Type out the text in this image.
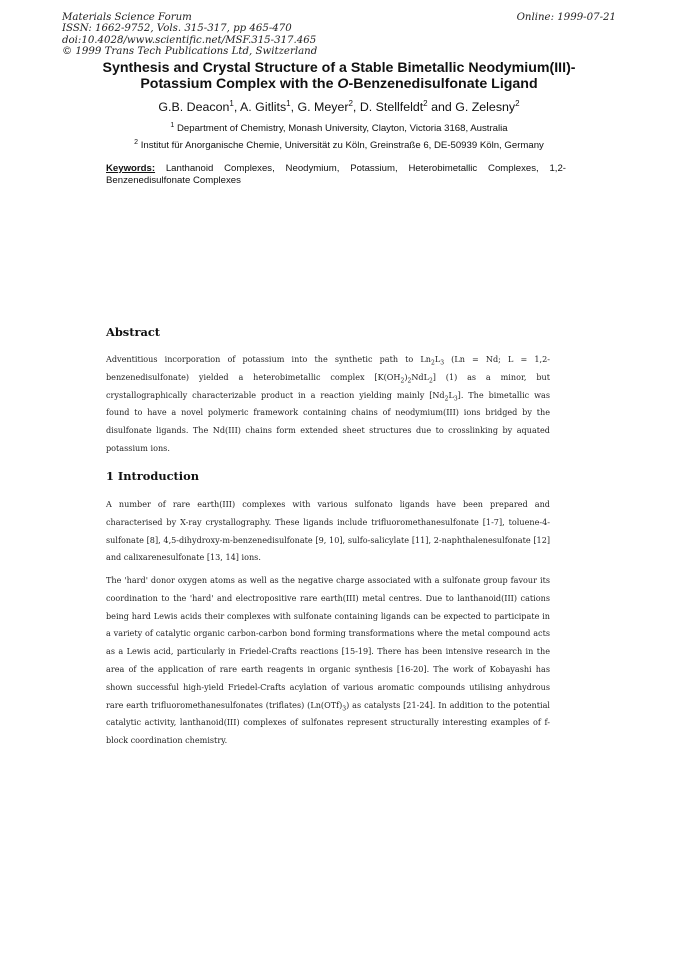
Materials Science Forum
ISSN: 1662-9752, Vols. 315-317, pp 465-470
doi:10.4028/www.scientific.net/MSF.315-317.465
© 1999 Trans Tech Publications Ltd, Switzerland
Online: 1999-07-21
Synthesis and Crystal Structure of a Stable Bimetallic Neodymium(III)-
Potassium Complex with the O-Benzenedisulfonate Ligand
G.B. Deacon$^1$, A. Gitlits$^1$, G. Meyer$^2$, D. Stellfeldt$^2$ and G. Zelesny$^2$
$^1$ Department of Chemistry, Monash University, Clayton, Victoria 3168, Australia
$^2$ Institut für Anorganische Chemie, Universität zu Köln, Greinstraße 6, DE-50939 Köln, Germany
Keywords: Lanthanoid Complexes, Neodymium, Potassium, Heterobimetallic Complexes, 1,2-Benzenedisulfonate Complexes
Abstract
Adventitious incorporation of potassium into the synthetic path to $Ln_2L_3$ (Ln = Nd; L = 1,2-benzenedisulfonate) yielded a heterobimetallic complex $[K(OH_2)_2NdL_2]$ (1) as a minor, but crystallographically characterizable product in a reaction yielding mainly $[Nd_2L_3]$. The bimetallic was found to have a novel polymeric framework containing chains of neodymium(III) ions bridged by the disulfonate ligands. The Nd(III) chains form extended sheet structures due to crosslinking by aquated potassium ions.
1 Introduction
A number of rare earth(III) complexes with various sulfonato ligands have been prepared and characterised by X-ray crystallography. These ligands include trifluoromethanesulfonate [1-7], toluene-4-sulfonate [8], 4,5-dihydroxy-m-benzenedisulfonate [9, 10], sulfo-salicylate [11], 2-naphthalenesulfonate [12] and calixarenesulfonate [13, 14] ions.
The 'hard' donor oxygen atoms as well as the negative charge associated with a sulfonate group favour its coordination to the 'hard' and electropositive rare earth(III) metal centres. Due to lanthanoid(III) cations being hard Lewis acids their complexes with sulfonate containing ligands can be expected to participate in a variety of catalytic organic carbon-carbon bond forming transformations where the metal compound acts as a Lewis acid, particularly in Friedel-Crafts reactions [15-19]. There has been intensive research in the area of the application of rare earth reagents in organic synthesis [16-20]. The work of Kobayashi has shown successful high-yield Friedel-Crafts acylation of various aromatic compounds utilising anhydrous rare earth trifluoromethanesulfonates (triflates) $(Ln(OTf)_3)$ as catalysts [21-24]. In addition to the potential catalytic activity, lanthanoid(III) complexes of sulfonates represent structurally interesting examples of f-block coordination chemistry.
